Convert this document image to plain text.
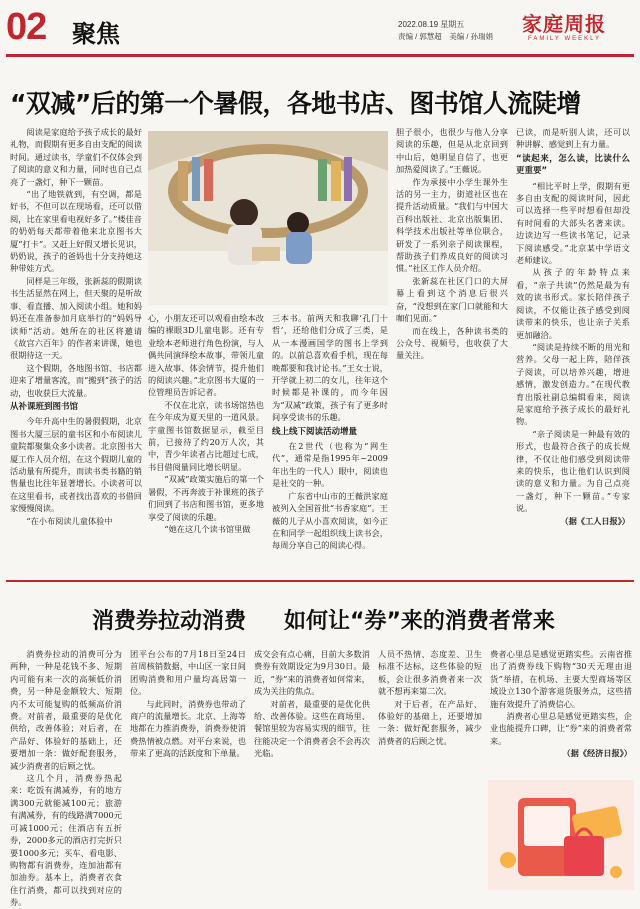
02 聚焦	2022.08.19 星期五
责编 / 郭慧超　美编 / 孙瑞娟
家庭周报
FAMILY WEEKLY
“双减”后的第一个暑假，各地书店、图书馆人流陡增

阅读是家庭给予孩子成长的最好礼物，而假期有更多自由支配的阅读时间。通过读书，学童们不仅体会到了阅读的意义和力量，同时也自己点亮了一盏灯，种下一颗苗。

“出了地铁就到，有空调，都是好书，不但可以在现场看，还可以借阅，比在家里看电视好多了。”楼佳音的奶奶每天都带着他来北京图书大厦“打卡”。又赶上好假又增长见识，奶奶说，孩子的爸妈也十分支持她这种带娃方式。

同样是三年级，张新蕊的假期读书生活显然在网上，但天聚的是听故事、看直播、加入阅读小组。她和妈妈还在准备参加月底举行的“妈妈导读师”活动。她所在的社区将邀请《故宫六百年》的作者来讲课，她也很期待这一天。

这个假期，各地图书馆、书店都迎来了增量客流，而“搬到”孩子的活动，也收获巨大流量。

从补课班到图书馆

今年升高中生的暑假假期，北京图书大厦三层的童书区和小布阅读儿童院都聚集众多小读者。北京图书大厦工作人员介绍，在这个假期儿童的活动量有所提升，而读书类书籍的销售量也比往年显著增长。小读者可以在这里看书，或者找出喜欢的书借回家慢慢阅读。

“在小布阅读儿童体验中

心，小朋友还可以观看由绘本改编的裸眼3D儿童电影。还有专业绘本老师进行角色扮演，与人偶共同演绎绘本故事，带领儿童进入故事、体会情节，提升他们的阅读兴趣。”北京图书大厦的一位管理员告诉记者。

不仅在北京，读书场馆热也在今年成为夏天里的一道风景。宇童图书馆数据显示，截至目前，已接待了约20万人次，其中，青少年读者占比超过七成，书目借阅量同比增长明显。

“双减”政策实施后的第一个暑假，不再奔波于补课班的孩子们回到了书店和图书馆，更多地享受了阅读的乐趣。

“她在这几个读书馆里做

三本书。前两天和我聊‘孔门十哲’，还给他们分成了三类，是从一本漫画国学的图书上学到的。以前总喜欢看手机，现在每晚都要和我讨论书。”王女士说，开学就上初二的女儿，往年这个时候都是补课的，而今年因为“双减”政策，孩子有了更多时间享受读书的乐趣。

线上线下阅读活动增量

在2世代（也称为“网生代”，通常是指1995年~2009年出生的一代人）眼中，阅读也是社交的一种。

广东省中山市的王薇洪家庭被列入全国首批“书香家庭”。王薇的儿子从小喜欢阅读，如今正在和同学一起组织线上读书会，每周分享自己的阅读心得。

胆子很小，也很少与他人分享阅读的乐趣，但是从北京回到中山后，她明显自信了，也更加热爱阅读了。”王薇说。

作为承接中小学生课外生活的另一主力，街道社区也在提升活动质量。“我们与中国大百科出版社、北京出版集团、科学技术出版社等单位联合，研发了一系列亲子阅读课程，帮助孩子们养成良好的阅读习惯。”社区工作人员介绍。

张新蕊在社区门口的大屏幕上看到这个消息后很兴奋，“没想到在家门口就能和大咖们见面。”

而在线上，各种读书类的公众号、视频号，也收获了大量关注。

已读，而是听别人读，还可以种讲解、感觉到上有力量。

“读起来，怎么读，比读什么更重要”

“相比平时上学，假期有更多自由支配的阅读时间，因此可以选择一些平时想看但却没有时间看的大部头名著来读。边读边写一些读书笔记，记录下阅读感受。”北京某中学语文老师建议。

从孩子的年龄特点来看，“亲子共读”仍然是最为有效的读书形式。家长陪伴孩子阅读，不仅能让孩子感受到阅读带来的快乐，也让亲子关系更加融洽。

“阅读是持续不断的用光和营养。父母一起上阵，陪伴孩子阅读，可以培养兴趣，增进感情，激发创造力。”在现代教育出版社副总编辑看来，阅读是家庭给予孩子成长的最好礼物。

“亲子阅读是一种最有效的形式，也最符合孩子的成长规律，不仅让他们感受到阅读带来的快乐，也让他们认识到阅读的意义和力量。为自己点亮一盏灯，种下一颗苗。”专家说。

（据《工人日报》）

消费券拉动消费 如何让“券”来的消费者常来

消费券拉动的消费可分为两种，一种是花钱不多、短期内可能有来一次的高频低价消费，另一种是金额较大、短期内不太可能复购的低频高价消费。对前者，最重要的是优化供给，改善体验；对后者，在产品好、体验好的基础上，还要增加一条：做好配套服务，减少消费者的后顾之忧。

这几个月，消费券热起来：吃饭有满减券，有的地方满300元就能减100元；旅游有满减券，有的线路满7000元可减1000元；住酒店有五折券，2000多元的酒店打完折只要1000多元；买车、看电影、购物都有消费券，连加油都有加油券。基本上，消费者衣食住行消费，都可以找到对应的券。

团平台公布的7月18日至24日首周核销数据，中山区一家日间团购消费和用户量均高居第一位。

与此同时，消费券也带动了商户的流量增长。北京、上海等地都在力推消费券，消费券使消费热情被点燃。对平台来说，也带来了更高的活跃度和下单量。

成交会有点心痛，目前大多数消费券有效期设定为9月30日。最近，“券”来的消费者如何常来，成为关注的焦点。

对前者，最重要的是优化供给、改善体验。这些在商场里、餐馆里较为容易实现的细节，往往能决定一个消费者会不会再次光临。

人员不热情、态度差、卫生标准不达标，这些体验的短板，会让很多消费者来一次就不想再来第二次。

对于后者，在产品好、体验好的基础上，还要增加一条：做好配套服务，减少消费者的后顾之忧。

费者心里总是感觉更踏实些。云南省推出了消费券线下购物“30天无理由退货”举措，在机场、主要大型商场等区域设立130个游客退货服务点，这些措施有效提升了消费信心。

消费者心里总是感觉更踏实些，企业也能提升口碑，让“券”来的消费者常来。

（据《经济日报》）
